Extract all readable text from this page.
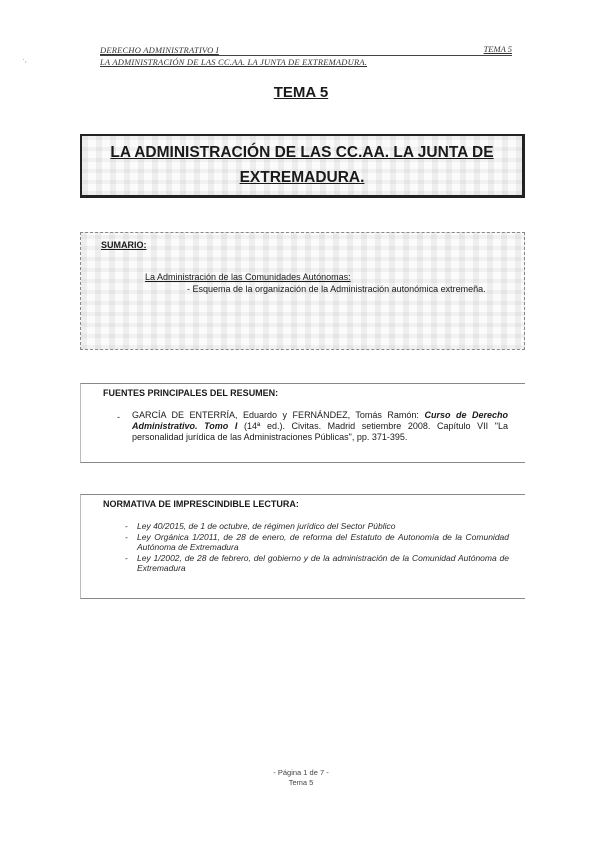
·,
DERECHO ADMINISTRATIVO I
LA ADMINISTRACIÓN DE LAS CC.AA. LA JUNTA DE EXTREMADURA.
TEMA 5
TEMA 5
LA ADMINISTRACIÓN DE LAS CC.AA. LA JUNTA DE
EXTREMADURA.
SUMARIO:
La Administración de las Comunidades Autónomas:
- Esquema de la organización de la Administración autonómica extremeña.
FUENTES PRINCIPALES DEL RESUMEN:
- GARCÍA DE ENTERRÍA, Eduardo y FERNÁNDEZ, Tomás Ramón: Curso de Derecho Administrativo. Tomo I (14ª ed.). Civitas. Madrid setiembre 2008. Capítulo VII "La personalidad jurídica de las Administraciones Públicas", pp. 371-395.
NORMATIVA DE IMPRESCINDIBLE LECTURA:
- Ley 40/2015, de 1 de octubre, de régimen jurídico del Sector Público
- Ley Orgánica 1/2011, de 28 de enero, de reforma del Estatuto de Autonomía de la Comunidad Autónoma de Extremadura
- Ley 1/2002, de 28 de febrero, del gobierno y de la administración de la Comunidad Autónoma de Extremadura
- Página 1 de 7 -
Tema 5
